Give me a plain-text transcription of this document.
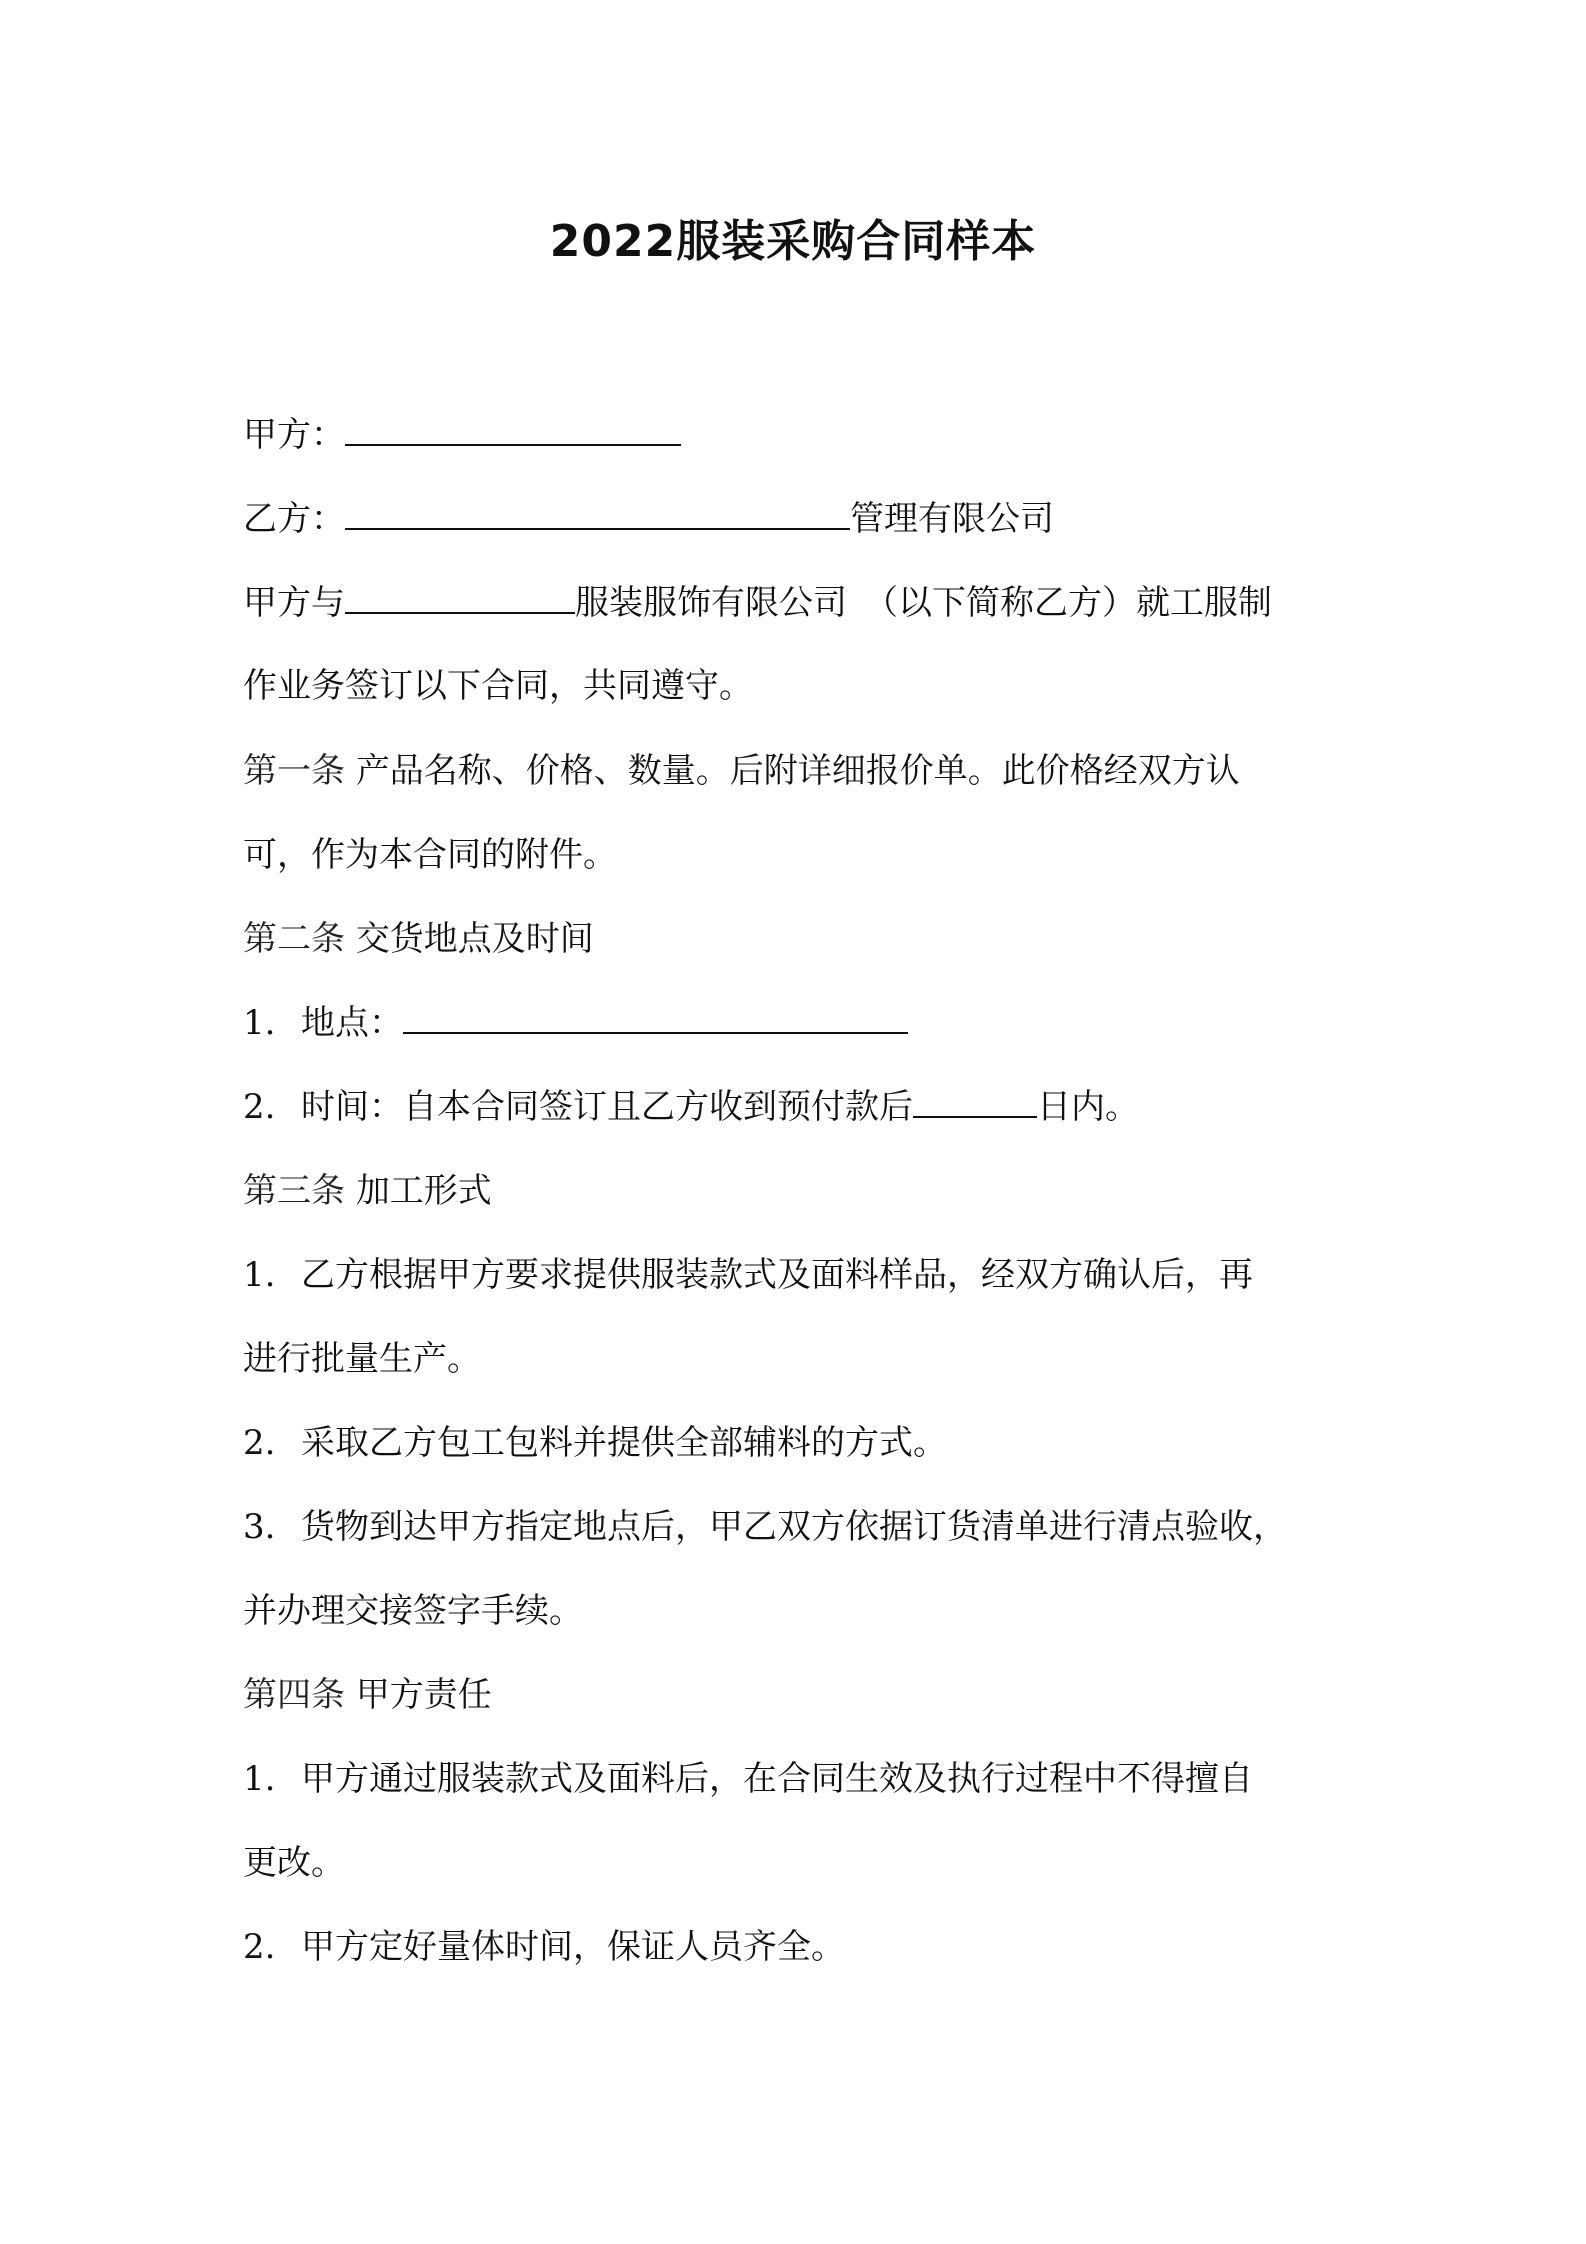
2022服装采购合同样本
甲方：
乙方：	管理有限公司
甲方与	服装服饰有限公司　（以下简称乙方）就工服制
作业务签订以下合同，共同遵守。
第一条 产品名称、价格、数量。后附详细报价单。此价格经双方认
可，作为本合同的附件。
第二条 交货地点及时间
1. 地点：
2. 时间：自本合同签订且乙方收到预付款后	日内。
第三条 加工形式
1. 乙方根据甲方要求提供服装款式及面料样品，经双方确认后，再
进行批量生产。
2. 采取乙方包工包料并提供全部辅料的方式。
3. 货物到达甲方指定地点后，甲乙双方依据订货清单进行清点验收，
并办理交接签字手续。
第四条 甲方责任
1. 甲方通过服装款式及面料后，在合同生效及执行过程中不得擅自
更改。
2. 甲方定好量体时间，保证人员齐全。
